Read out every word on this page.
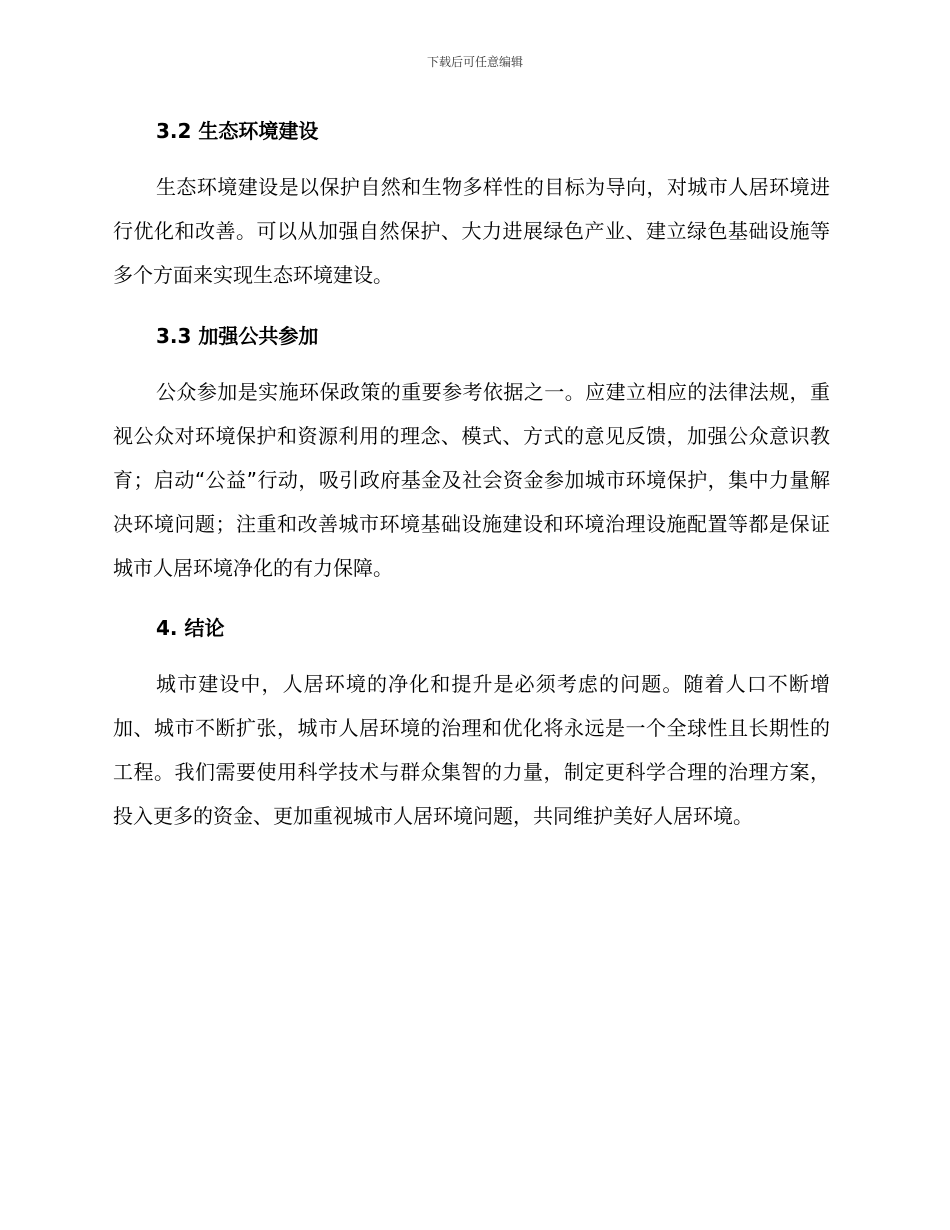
下载后可任意编辑
3.2 生态环境建设

生态环境建设是以保护自然和生物多样性的目标为导向，对城市人居环境进行优化和改善。可以从加强自然保护、大力进展绿色产业、建立绿色基础设施等多个方面来实现生态环境建设。

3.3 加强公共参加

公众参加是实施环保政策的重要参考依据之一。应建立相应的法律法规，重视公众对环境保护和资源利用的理念、模式、方式的意见反馈，加强公众意识教育；启动“公益”行动，吸引政府基金及社会资金参加城市环境保护，集中力量解决环境问题；注重和改善城市环境基础设施建设和环境治理设施配置等都是保证城市人居环境净化的有力保障。

4. 结论

城市建设中，人居环境的净化和提升是必须考虑的问题。随着人口不断增加、城市不断扩张，城市人居环境的治理和优化将永远是一个全球性且长期性的工程。我们需要使用科学技术与群众集智的力量，制定更科学合理的治理方案，投入更多的资金、更加重视城市人居环境问题，共同维护美好人居环境。
